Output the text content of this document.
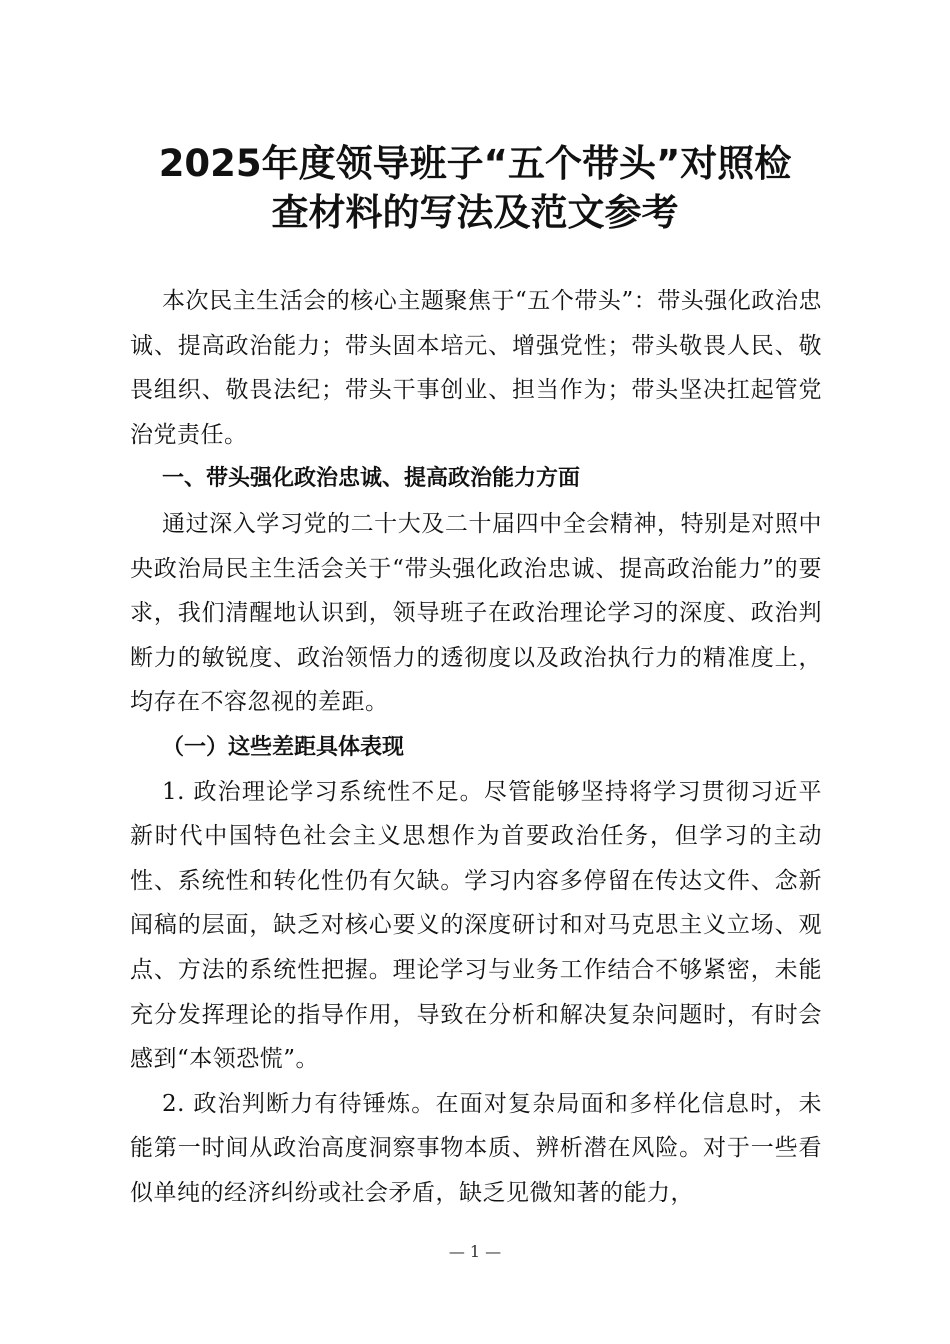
2025年度领导班子“五个带头”对照检
查材料的写法及范文参考

本次民主生活会的核心主题聚焦于“五个带头”：带头强化政治忠诚、提高政治能力；带头固本培元、增强党性；带头敬畏人民、敬畏组织、敬畏法纪；带头干事创业、担当作为；带头坚决扛起管党治党责任。

一、带头强化政治忠诚、提高政治能力方面

通过深入学习党的二十大及二十届四中全会精神，特别是对照中央政治局民主生活会关于“带头强化政治忠诚、提高政治能力”的要求，我们清醒地认识到，领导班子在政治理论学习的深度、政治判断力的敏锐度、政治领悟力的透彻度以及政治执行力的精准度上，均存在不容忽视的差距。

（一）这些差距具体表现

1. 政治理论学习系统性不足。尽管能够坚持将学习贯彻习近平新时代中国特色社会主义思想作为首要政治任务，但学习的主动性、系统性和转化性仍有欠缺。学习内容多停留在传达文件、念新闻稿的层面，缺乏对核心要义的深度研讨和对马克思主义立场、观点、方法的系统性把握。理论学习与业务工作结合不够紧密，未能充分发挥理论的指导作用，导致在分析和解决复杂问题时，有时会感到“本领恐慌”。

2. 政治判断力有待锤炼。在面对复杂局面和多样化信息时，未能第一时间从政治高度洞察事物本质、辨析潜在风险。对于一些看似单纯的经济纠纷或社会矛盾，缺乏见微知著的能力，

— 1 —
